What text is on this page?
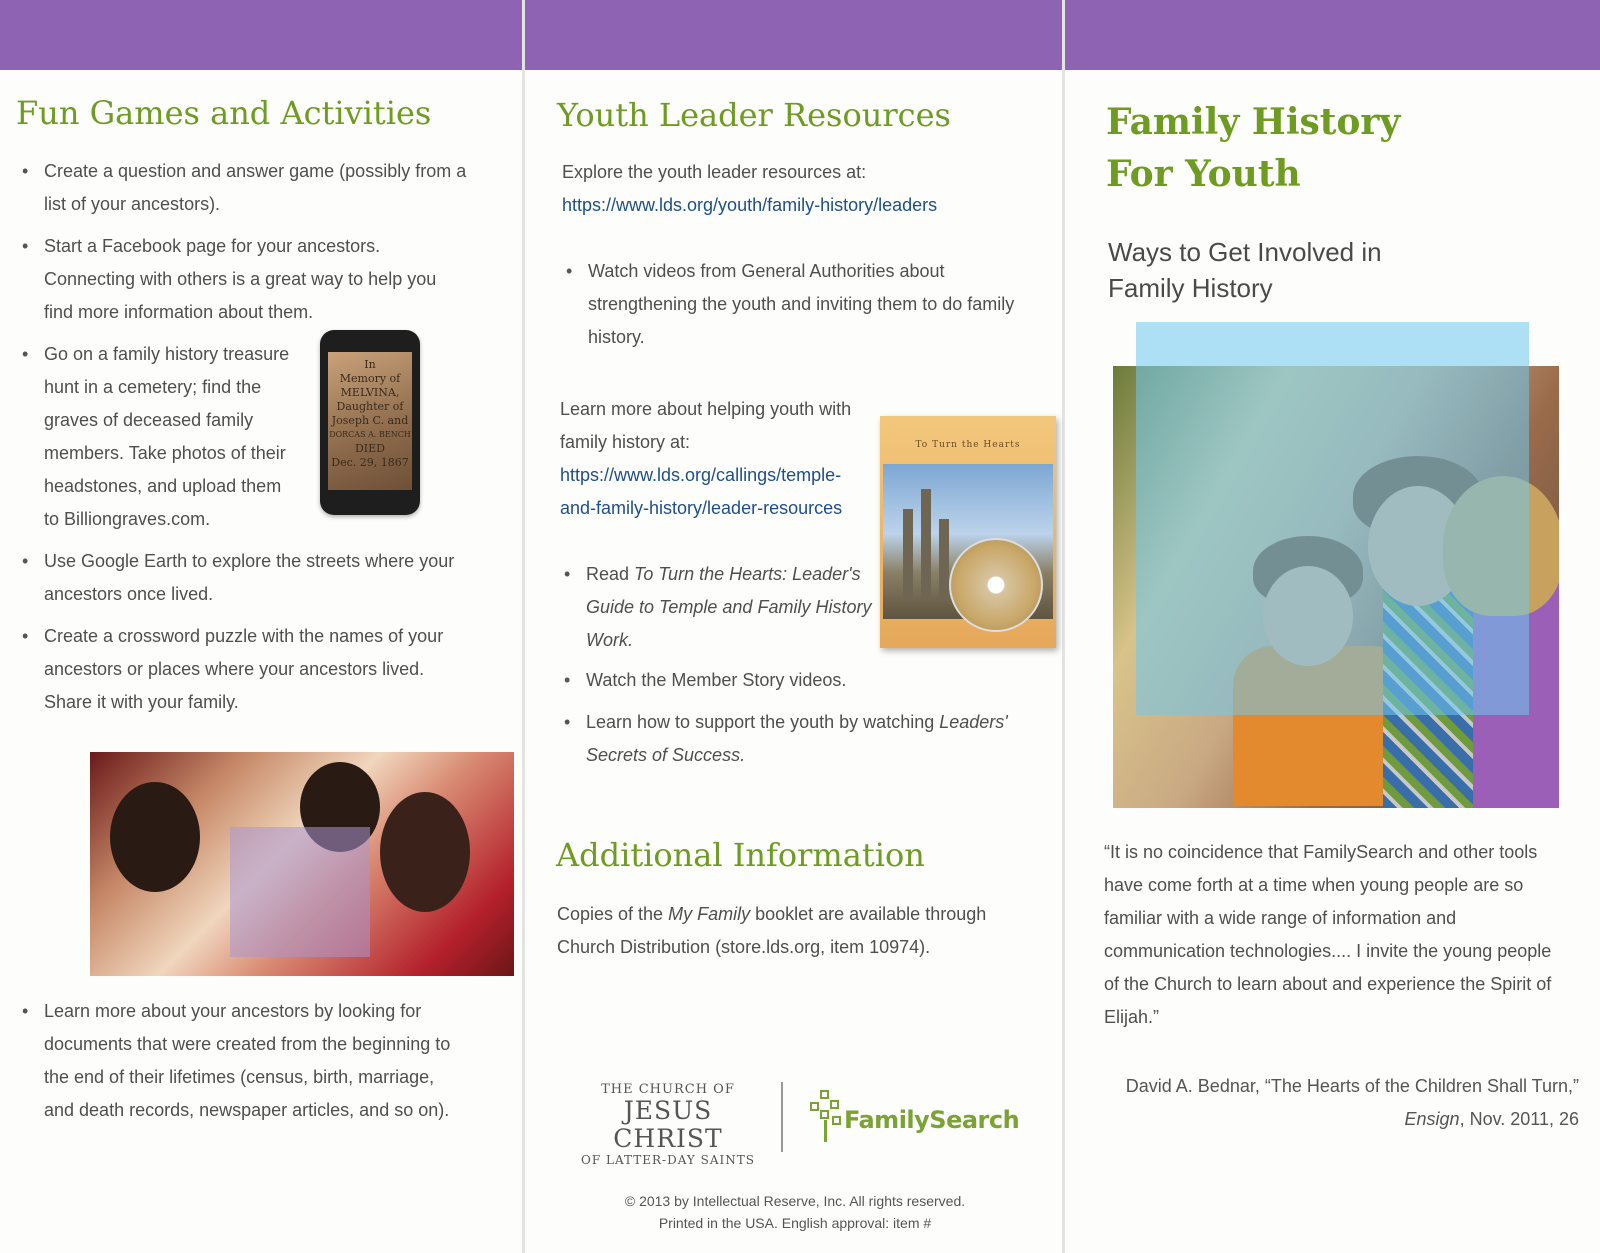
Fun Games and Activities
• Create a question and answer game (possibly from a list of your ancestors).
• Start a Facebook page for your ancestors. Connecting with others is a great way to help you find more information about them.
• Go on a family history treasure hunt in a cemetery; find the graves of deceased family members. Take photos of their headstones, and upload them to Billiongraves.com.
• Use Google Earth to explore the streets where your ancestors once lived.
• Create a crossword puzzle with the names of your ancestors or places where your ancestors lived. Share it with your family.
In
Memory of
MELVINA,
Daughter of
Joseph C. and
DORCAS A. BENCH
DIED
Dec. 29, 1867
• Learn more about your ancestors by looking for documents that were created from the beginning to the end of their lifetimes (census, birth, marriage, and death records, newspaper articles, and so on).
Youth Leader Resources
Explore the youth leader resources at:
https://www.lds.org/youth/family-history/leaders
• Watch videos from General Authorities about strengthening the youth and inviting them to do family history.
Learn more about helping youth with family history at: https://www.lds.org/callings/temple-and-family-history/leader-resources
To Turn the Hearts
• Read To Turn the Hearts: Leader's Guide to Temple and Family History Work.
• Watch the Member Story videos.
• Learn how to support the youth by watching Leaders' Secrets of Success.
Additional Information
Copies of the My Family booklet are available through Church Distribution (store.lds.org, item 10974).
THE CHURCH OF
JESUS CHRIST
OF LATTER-DAY SAINTS
FamilySearch
© 2013 by Intellectual Reserve, Inc. All rights reserved.
Printed in the USA. English approval: item #
Family History
For Youth
Ways to Get Involved in
Family History
“It is no coincidence that FamilySearch and other tools have come forth at a time when young people are so familiar with a wide range of information and communication technologies.... I invite the young people of the Church to learn about and experience the Spirit of Elijah.”
David A. Bednar, “The Hearts of the Children Shall Turn,” Ensign, Nov. 2011, 26
